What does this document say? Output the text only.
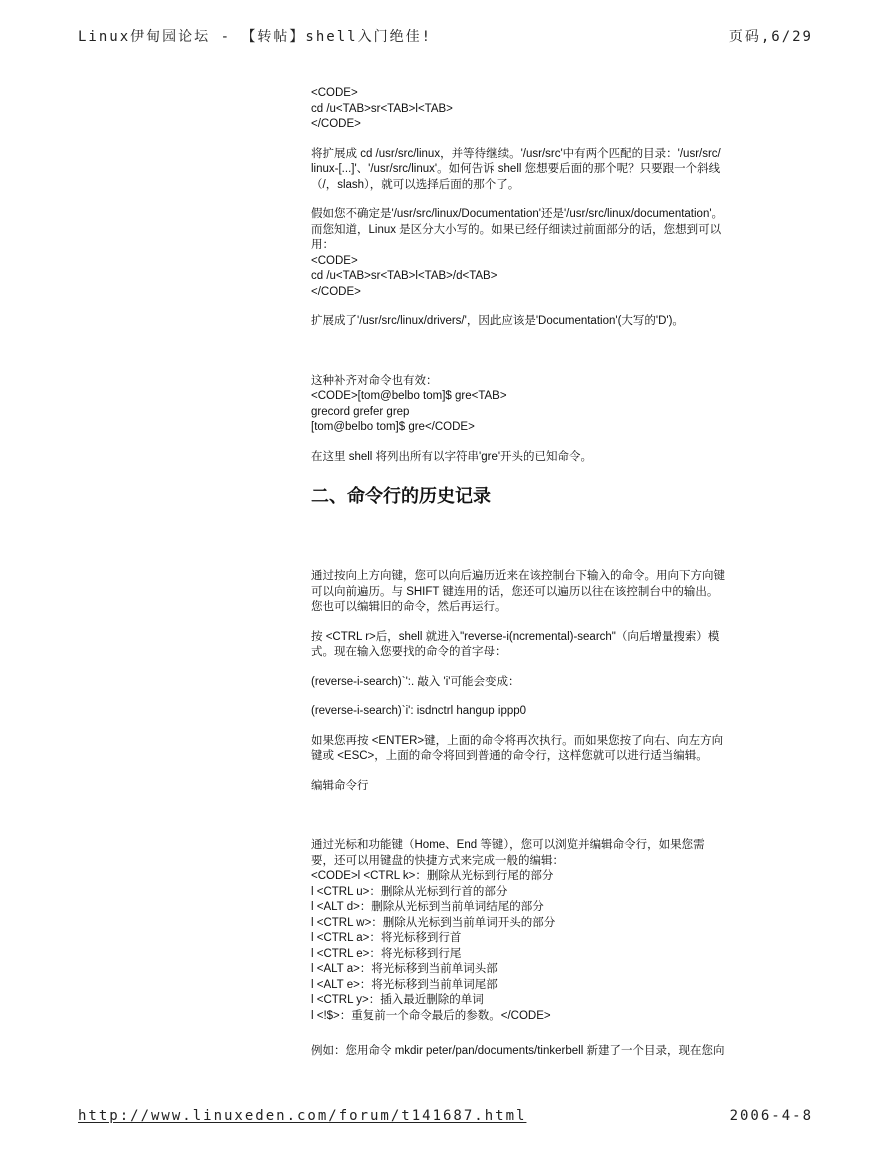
Linux伊甸园论坛 - 【转帖】shell入门绝佳!	页码,6/29

<CODE>

cd /u<TAB>sr<TAB>l<TAB>

</CODE>

将扩展成 cd /usr/src/linux，并等待继续。'/usr/src'中有两个匹配的目录：'/usr/src/

linux-[...]'、'/usr/src/linux'。如何告诉 shell 您想要后面的那个呢？只要跟一个斜线

（/，slash），就可以选择后面的那个了。

假如您不确定是'/usr/src/linux/Documentation'还是'/usr/src/linux/documentation'。

而您知道，Linux 是区分大小写的。如果已经仔细读过前面部分的话，您想到可以

用：

<CODE>

cd /u<TAB>sr<TAB>l<TAB>/d<TAB>

</CODE>

扩展成了'/usr/src/linux/drivers/'，因此应该是'Documentation'(大写的'D')。

这种补齐对命令也有效：

<CODE>[tom@belbo tom]$ gre<TAB>

grecord grefer grep

[tom@belbo tom]$ gre</CODE>

在这里 shell 将列出所有以字符串'gre'开头的已知命令。

二、命令行的历史记录

通过按向上方向键，您可以向后遍历近来在该控制台下输入的命令。用向下方向键

可以向前遍历。与 SHIFT 键连用的话，您还可以遍历以往在该控制台中的输出。

您也可以编辑旧的命令，然后再运行。

按 <CTRL r>后，shell 就进入"reverse-i(ncremental)-search"（向后增量搜索）模

式。现在输入您要找的命令的首字母：

(reverse-i-search)`':. 敲入 'i'可能会变成：

(reverse-i-search)`i': isdnctrl hangup ippp0

如果您再按 <ENTER>键，上面的命令将再次执行。而如果您按了向右、向左方向

键或 <ESC>，上面的命令将回到普通的命令行，这样您就可以进行适当编辑。

编辑命令行

通过光标和功能键（Home、End 等键），您可以浏览并编辑命令行，如果您需

要，还可以用键盘的快捷方式来完成一般的编辑：

<CODE>l <CTRL k>：删除从光标到行尾的部分

l <CTRL u>：删除从光标到行首的部分

l <ALT d>：删除从光标到当前单词结尾的部分

l <CTRL w>：删除从光标到当前单词开头的部分

l <CTRL a>：将光标移到行首

l <CTRL e>：将光标移到行尾

l <ALT a>：将光标移到当前单词头部

l <ALT e>：将光标移到当前单词尾部

l <CTRL y>：插入最近删除的单词

l <!$>：重复前一个命令最后的参数。</CODE>

例如：您用命令 mkdir peter/pan/documents/tinkerbell 新建了一个目录，现在您向

http://www.linuxeden.com/forum/t141687.html	2006-4-8
